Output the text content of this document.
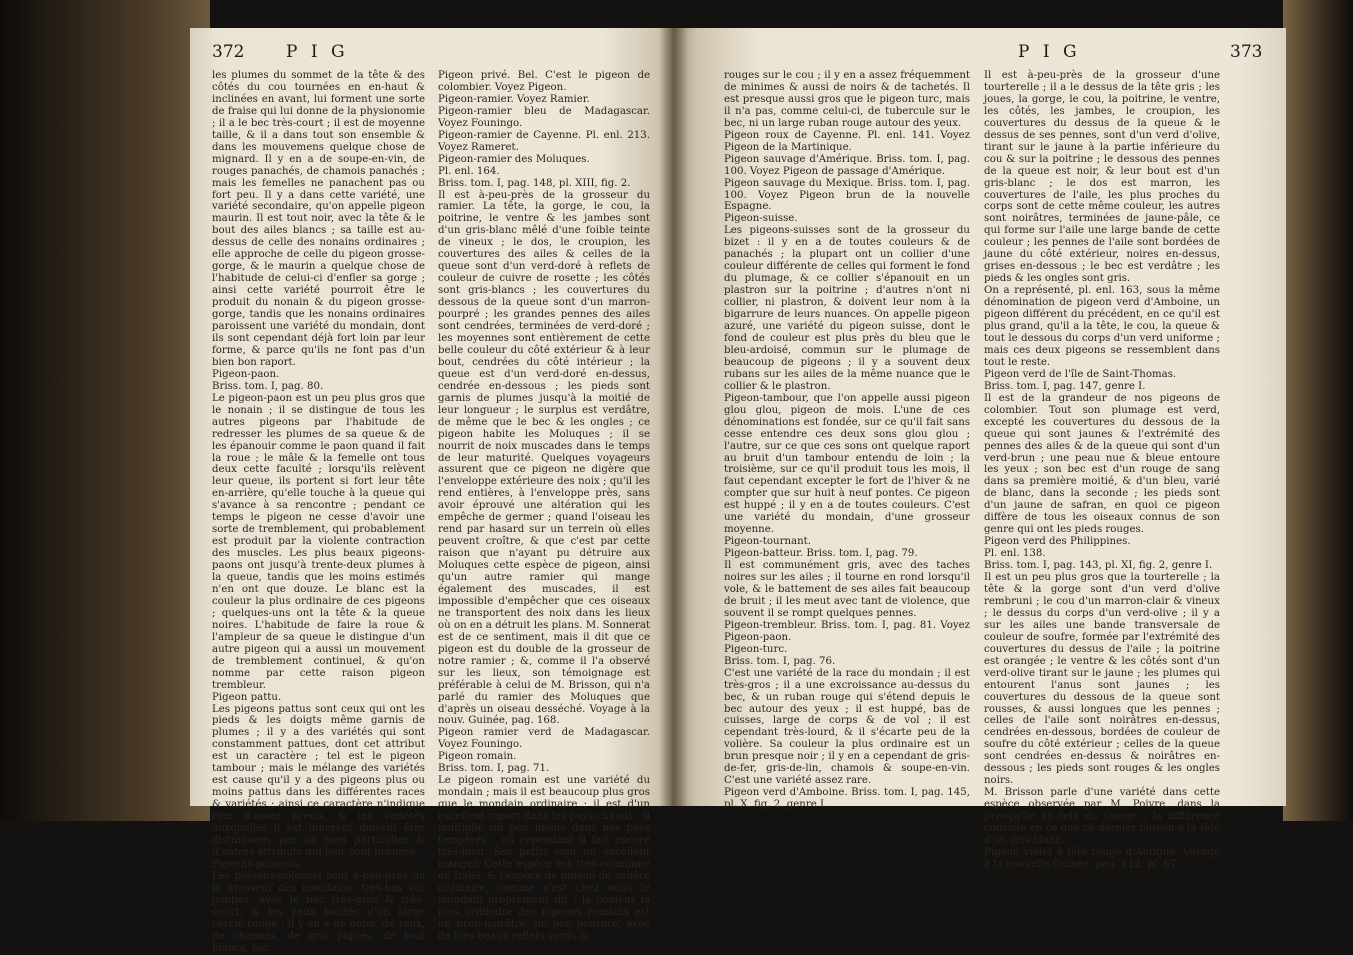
372 P I G
les plumes du sommet de la tête & des côtés du cou tournées en en-haut & inclinées en avant, lui forment une sorte de fraise qui lui donne de la physionomie ; il a le bec très-court ; il est de moyenne taille, & il a dans tout son ensemble & dans les mouvemens quelque chose de mignard. Il y en a de soupe-en-vin, de rouges panachés, de chamois panachés ; mais les femelles ne panachent pas ou fort peu. Il y a dans cette variété, une variété secondaire, qu'on appelle pigeon maurin. Il est tout noir, avec la tête & le bout des ailes blancs ; sa taille est au-dessus de celle des nonains ordinaires ; elle approche de celle du pigeon grosse-gorge, & le maurin a quelque chose de l'habitude de celui-ci d'enfler sa gorge ; ainsi cette variété pourroit être le produit du nonain & du pigeon grosse-gorge, tandis que les nonains ordinaires paroissent une variété du mondain, dont ils sont cependant déjà fort loin par leur forme, & parce qu'ils ne font pas d'un bien bon raport.
Pigeon-paon.
Briss. tom. I, pag. 80.
Le pigeon-paon est un peu plus gros que le nonain ; il se distingue de tous les autres pigeons par l'habitude de redresser les plumes de sa queue & de les épanouir comme le paon quand il fait la roue ; le mâle & la femelle ont tous deux cette faculté ; lorsqu'ils relèvent leur queue, ils portent si fort leur tête en-arrière, qu'elle touche à la queue qui s'avance à sa rencontre ; pendant ce temps le pigeon ne cesse d'avoir une sorte de tremblement, qui probablement est produit par la violente contraction des muscles. Les plus beaux pigeons-paons ont jusqu'à trente-deux plumes à la queue, tandis que les moins estimés n'en ont que douze. Le blanc est la couleur la plus ordinaire de ces pigeons ; quelques-uns ont la tête & la queue noires. L'habitude de faire la roue & l'ampleur de sa queue le distingue d'un autre pigeon qui a aussi un mouvement de tremblement continuel, & qu'on nomme par cette raison pigeon trembleur.
Pigeon pattu.
Les pigeons pattus sont ceux qui ont les pieds & les doigts même garnis de plumes ; il y a des variétés qui sont constamment pattues, dont cet attribut est un caractère ; tel est le pigeon tambour ; mais le mélange des variétés est cause qu'il y a des pigeons plus ou moins pattus dans les différentes races & variétés ; ainsi ce caractère n'indique rien d'assez précis, & les variétés auxquelles il est inhérent doivent être distinguées par un nom particulier & d'autres attributs qui leur sont propres.
Pigeons-polonois.
Les pigeons-polonois sont à-peu-près de la grosseur des mondains, très-bas sur jambes, avec le bec très-gros & très-court, & les yeux bordés d'un large cercle rouge ; il y en a de noirs, de roux, de chamois, de gris piqués, de tout blancs, &c.
Pigeon privé. Bel. C'est le pigeon de colombier. Voyez Pigeon.
Pigeon-ramier. Voyez Ramier.
Pigeon-ramier bleu de Madagascar. Voyez Founingo.
Pigeon-ramier de Cayenne. Pl. enl. 213. Voyez Rameret.
Pigeon-ramier des Moluques.
Pl. enl. 164.
Briss. tom. I, pag. 148, pl. XIII, fig. 2.
Il est à-peu-près de la grosseur du ramier. La tête, la gorge, le cou, la poitrine, le ventre & les jambes sont d'un gris-blanc mêlé d'une foible teinte de vineux ; le dos, le croupion, les couvertures des ailes & celles de la queue sont d'un verd-doré à reflets de couleur de cuivre de rosette ; les côtés sont gris-blancs ; les couvertures du dessous de la queue sont d'un marron-pourpré ; les grandes pennes des ailes sont cendrées, terminées de verd-doré ; les moyennes sont entièrement de cette belle couleur du côté extérieur & à leur bout, cendrées du côté intérieur ; la queue est d'un verd-doré en-dessus, cendrée en-dessous ; les pieds sont garnis de plumes jusqu'à la moitié de leur longueur ; le surplus est verdâtre, de même que le bec & les ongles ; ce pigeon habite les Moluques ; il se nourrit de noix muscades dans le temps de leur maturité. Quelques voyageurs assurent que ce pigeon ne digère que l'enveloppe extérieure des noix ; qu'il les rend entières, à l'enveloppe près, sans avoir éprouvé une altération qui les empêche de germer ; quand l'oiseau les rend par hasard sur un terrein où elles peuvent croître, & que c'est par cette raison que n'ayant pu détruire aux Moluques cette espèce de pigeon, ainsi qu'un autre ramier qui mange également des muscades, il est impossible d'empêcher que ces oiseaux ne transportent des noix dans les lieux où on en a détruit les plans. M. Sonnerat est de ce sentiment, mais il dit que ce pigeon est du double de la grosseur de notre ramier ; &, comme il l'a observé sur les lieux, son témoignage est préférable à celui de M. Brisson, qui n'a parlé du ramier des Moluques que d'après un oiseau desséché. Voyage à la nouv. Guinée, pag. 168.
Pigeon ramier verd de Madagascar. Voyez Founingo.
Pigeon romain.
Briss. tom. I, pag. 71.
Le pigeon romain est une variété du mondain ; mais il est beaucoup plus gros que le mondain ordinaire ; il est d'un excellent raport dans les pays chauds ; il multiplie un peu moins dans nos pays tempérés ; où cependant il fait encore très-bien. Ses petits sont un excellent manger. Cette espèce est très-commune en Italie, & l'espèce de pigeon de volière ordinaire, comme c'est chez nous le mondain proprement dit ; la couleur la plus ordinaire des pigeons romains est un brun-noirâtre, un peu pourpré, avec de très-beaux reflets verds &
P I G	373
rouges sur le cou ; il y en a assez fréquemment de minimes & aussi de noirs & de tachetés. Il est presque aussi gros que le pigeon turc, mais il n'a pas, comme celui-ci, de tubercule sur le bec, ni un large ruban rouge autour des yeux.
Pigeon roux de Cayenne. Pl. enl. 141. Voyez Pigeon de la Martinique.
Pigeon sauvage d'Amérique. Briss. tom. I, pag. 100. Voyez Pigeon de passage d'Amérique.
Pigeon sauvage du Mexique. Briss. tom. I, pag. 100. Voyez Pigeon brun de la nouvelle Espagne.
Pigeon-suisse.
Les pigeons-suisses sont de la grosseur du bizet : il y en a de toutes couleurs & de panachés ; la plupart ont un collier d'une couleur différente de celles qui forment le fond du plumage, & ce collier s'épanouit en un plastron sur la poitrine ; d'autres n'ont ni collier, ni plastron, & doivent leur nom à la bigarrure de leurs nuances. On appelle pigeon azuré, une variété du pigeon suisse, dont le fond de couleur est plus près du bleu que le bleu-ardoisé, commun sur le plumage de beaucoup de pigeons ; il y a souvent deux rubans sur les ailes de la même nuance que le collier & le plastron.
Pigeon-tambour, que l'on appelle aussi pigeon glou glou, pigeon de mois. L'une de ces dénominations est fondée, sur ce qu'il fait sans cesse entendre ces deux sons glou glou ; l'autre, sur ce que ces sons ont quelque raport au bruit d'un tambour entendu de loin ; la troisième, sur ce qu'il produit tous les mois, il faut cependant excepter le fort de l'hiver & ne compter que sur huit à neuf pontes. Ce pigeon est huppé ; il y en a de toutes couleurs. C'est une variété du mondain, d'une grosseur moyenne.
Pigeon-tournant.
Pigeon-batteur. Briss. tom. I, pag. 79.
Il est communément gris, avec des taches noires sur les ailes ; il tourne en rond lorsqu'il vole, & le battement de ses ailes fait beaucoup de bruit ; il les meut avec tant de violence, que souvent il se rompt quelques pennes.
Pigeon-trembleur. Briss. tom. I, pag. 81. Voyez Pigeon-paon.
Pigeon-turc.
Briss. tom. I, pag. 76.
C'est une variété de la race du mondain ; il est très-gros ; il a une excroissance au-dessus du bec, & un ruban rouge qui s'étend depuis le bec autour des yeux ; il est huppé, bas de cuisses, large de corps & de vol ; il est cependant très-lourd, & il s'écarte peu de la volière. Sa couleur la plus ordinaire est un brun presque noir ; il y en a cependant de gris-de-fer, gris-de-lin, chamois & soupe-en-vin. C'est une variété assez rare.
Pigeon verd d'Amboine. Briss. tom. I, pag. 145, pl. X, fig. 2, genre I.
Il est à-peu-près de la grosseur d'une tourterelle ; il a le dessus de la tête gris ; les joues, la gorge, le cou, la poitrine, le ventre, les côtés, les jambes, le croupion, les couvertures du dessus de la queue & le dessus de ses pennes, sont d'un verd d'olive, tirant sur le jaune à la partie inférieure du cou & sur la poitrine ; le dessous des pennes de la queue est noir, & leur bout est d'un gris-blanc ; le dos est marron, les couvertures de l'aile, les plus proches du corps sont de cette même couleur, les autres sont noirâtres, terminées de jaune-pâle, ce qui forme sur l'aile une large bande de cette couleur ; les pennes de l'aile sont bordées de jaune du côté extérieur, noires en-dessus, grises en-dessous ; le bec est verdâtre ; les pieds & les ongles sont gris.
On a représenté, pl. enl. 163, sous la même dénomination de pigeon verd d'Amboine, un pigeon différent du précédent, en ce qu'il est plus grand, qu'il a la tête, le cou, la queue & tout le dessous du corps d'un verd uniforme ; mais ces deux pigeons se ressemblent dans tout le reste.
Pigeon verd de l'île de Saint-Thomas.
Briss. tom. I, pag. 147, genre I.
Il est de la grandeur de nos pigeons de colombier. Tout son plumage est verd, excepté les couvertures du dessous de la queue qui sont jaunes & l'extrémité des pennes des ailes & de la queue qui sont d'un verd-brun ; une peau nue & bleue entoure les yeux ; son bec est d'un rouge de sang dans sa première moitié, & d'un bleu, varié de blanc, dans la seconde ; les pieds sont d'un jaune de safran, en quoi ce pigeon diffère de tous les oiseaux connus de son genre qui ont les pieds rouges.
Pigeon verd des Philippines.
Pl. enl. 138.
Briss. tom. I, pag. 143, pl. XI, fig. 2, genre I.
Il est un peu plus gros que la tourterelle ; la tête & la gorge sont d'un verd d'olive rembruni ; le cou d'un marron-clair & vineux ; le dessus du corps d'un verd-olive ; il y a sur les ailes une bande transversale de couleur de soufre, formée par l'extrémité des couvertures du dessus de l'aile ; la poitrine est orangée ; le ventre & les côtés sont d'un verd-olive tirant sur le jaune ; les plumes qui entourent l'anus sont jaunes ; les couvertures du dessous de la queue sont rousses, & aussi longues que les pennes ; celles de l'aile sont noirâtres en-dessus, cendrées en-dessous, bordées de couleur de soufre du côté extérieur ; celles de la queue sont cendrées en-dessus & noirâtres en-dessous ; les pieds sont rouges & les ongles noirs.
M. Brisson parle d'une variété dans cette espèce observée par M. Poivre, dans la presqu'île au-delà du Gange ; la différence consiste en ce que ce dernier pigeon a la tête d'un gris-blanc.
Pigeon violet à tête rouge d'Antigue. Voyage à la nouvelle Guinée, pag. 112, pl. 67.
